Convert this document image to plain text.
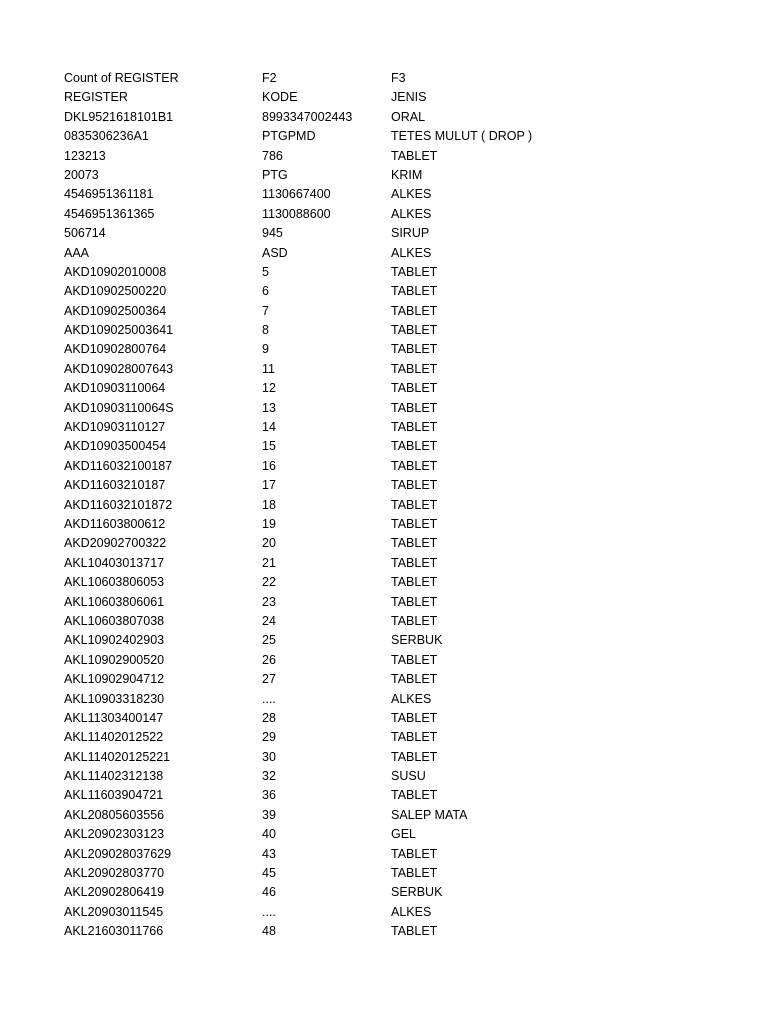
Count of REGISTER	F2	F3
REGISTER	KODE	JENIS
DKL9521618101B1	8993347002443	ORAL
0835306236A1	PTGPMD	TETES MULUT ( DROP )
123213	786	TABLET
20073	PTG	KRIM
4546951361181	1130667400	ALKES
4546951361365	1130088600	ALKES
506714	945	SIRUP
AAA	ASD	ALKES
AKD10902010008	5	TABLET
AKD10902500220	6	TABLET
AKD10902500364	7	TABLET
AKD109025003641	8	TABLET
AKD10902800764	9	TABLET
AKD109028007643	11	TABLET
AKD10903110064	12	TABLET
AKD10903110064S	13	TABLET
AKD10903110127	14	TABLET
AKD10903500454	15	TABLET
AKD116032100187	16	TABLET
AKD11603210187	17	TABLET
AKD116032101872	18	TABLET
AKD11603800612	19	TABLET
AKD20902700322	20	TABLET
AKL10403013717	21	TABLET
AKL10603806053	22	TABLET
AKL10603806061	23	TABLET
AKL10603807038	24	TABLET
AKL10902402903	25	SERBUK
AKL10902900520	26	TABLET
AKL10902904712	27	TABLET
AKL10903318230	....	ALKES
AKL11303400147	28	TABLET
AKL11402012522	29	TABLET
AKL114020125221	30	TABLET
AKL11402312138	32	SUSU
AKL11603904721	36	TABLET
AKL20805603556	39	SALEP MATA
AKL20902303123	40	GEL
AKL209028037629	43	TABLET
AKL20902803770	45	TABLET
AKL20902806419	46	SERBUK
AKL20903011545	....	ALKES
AKL21603011766	48	TABLET
